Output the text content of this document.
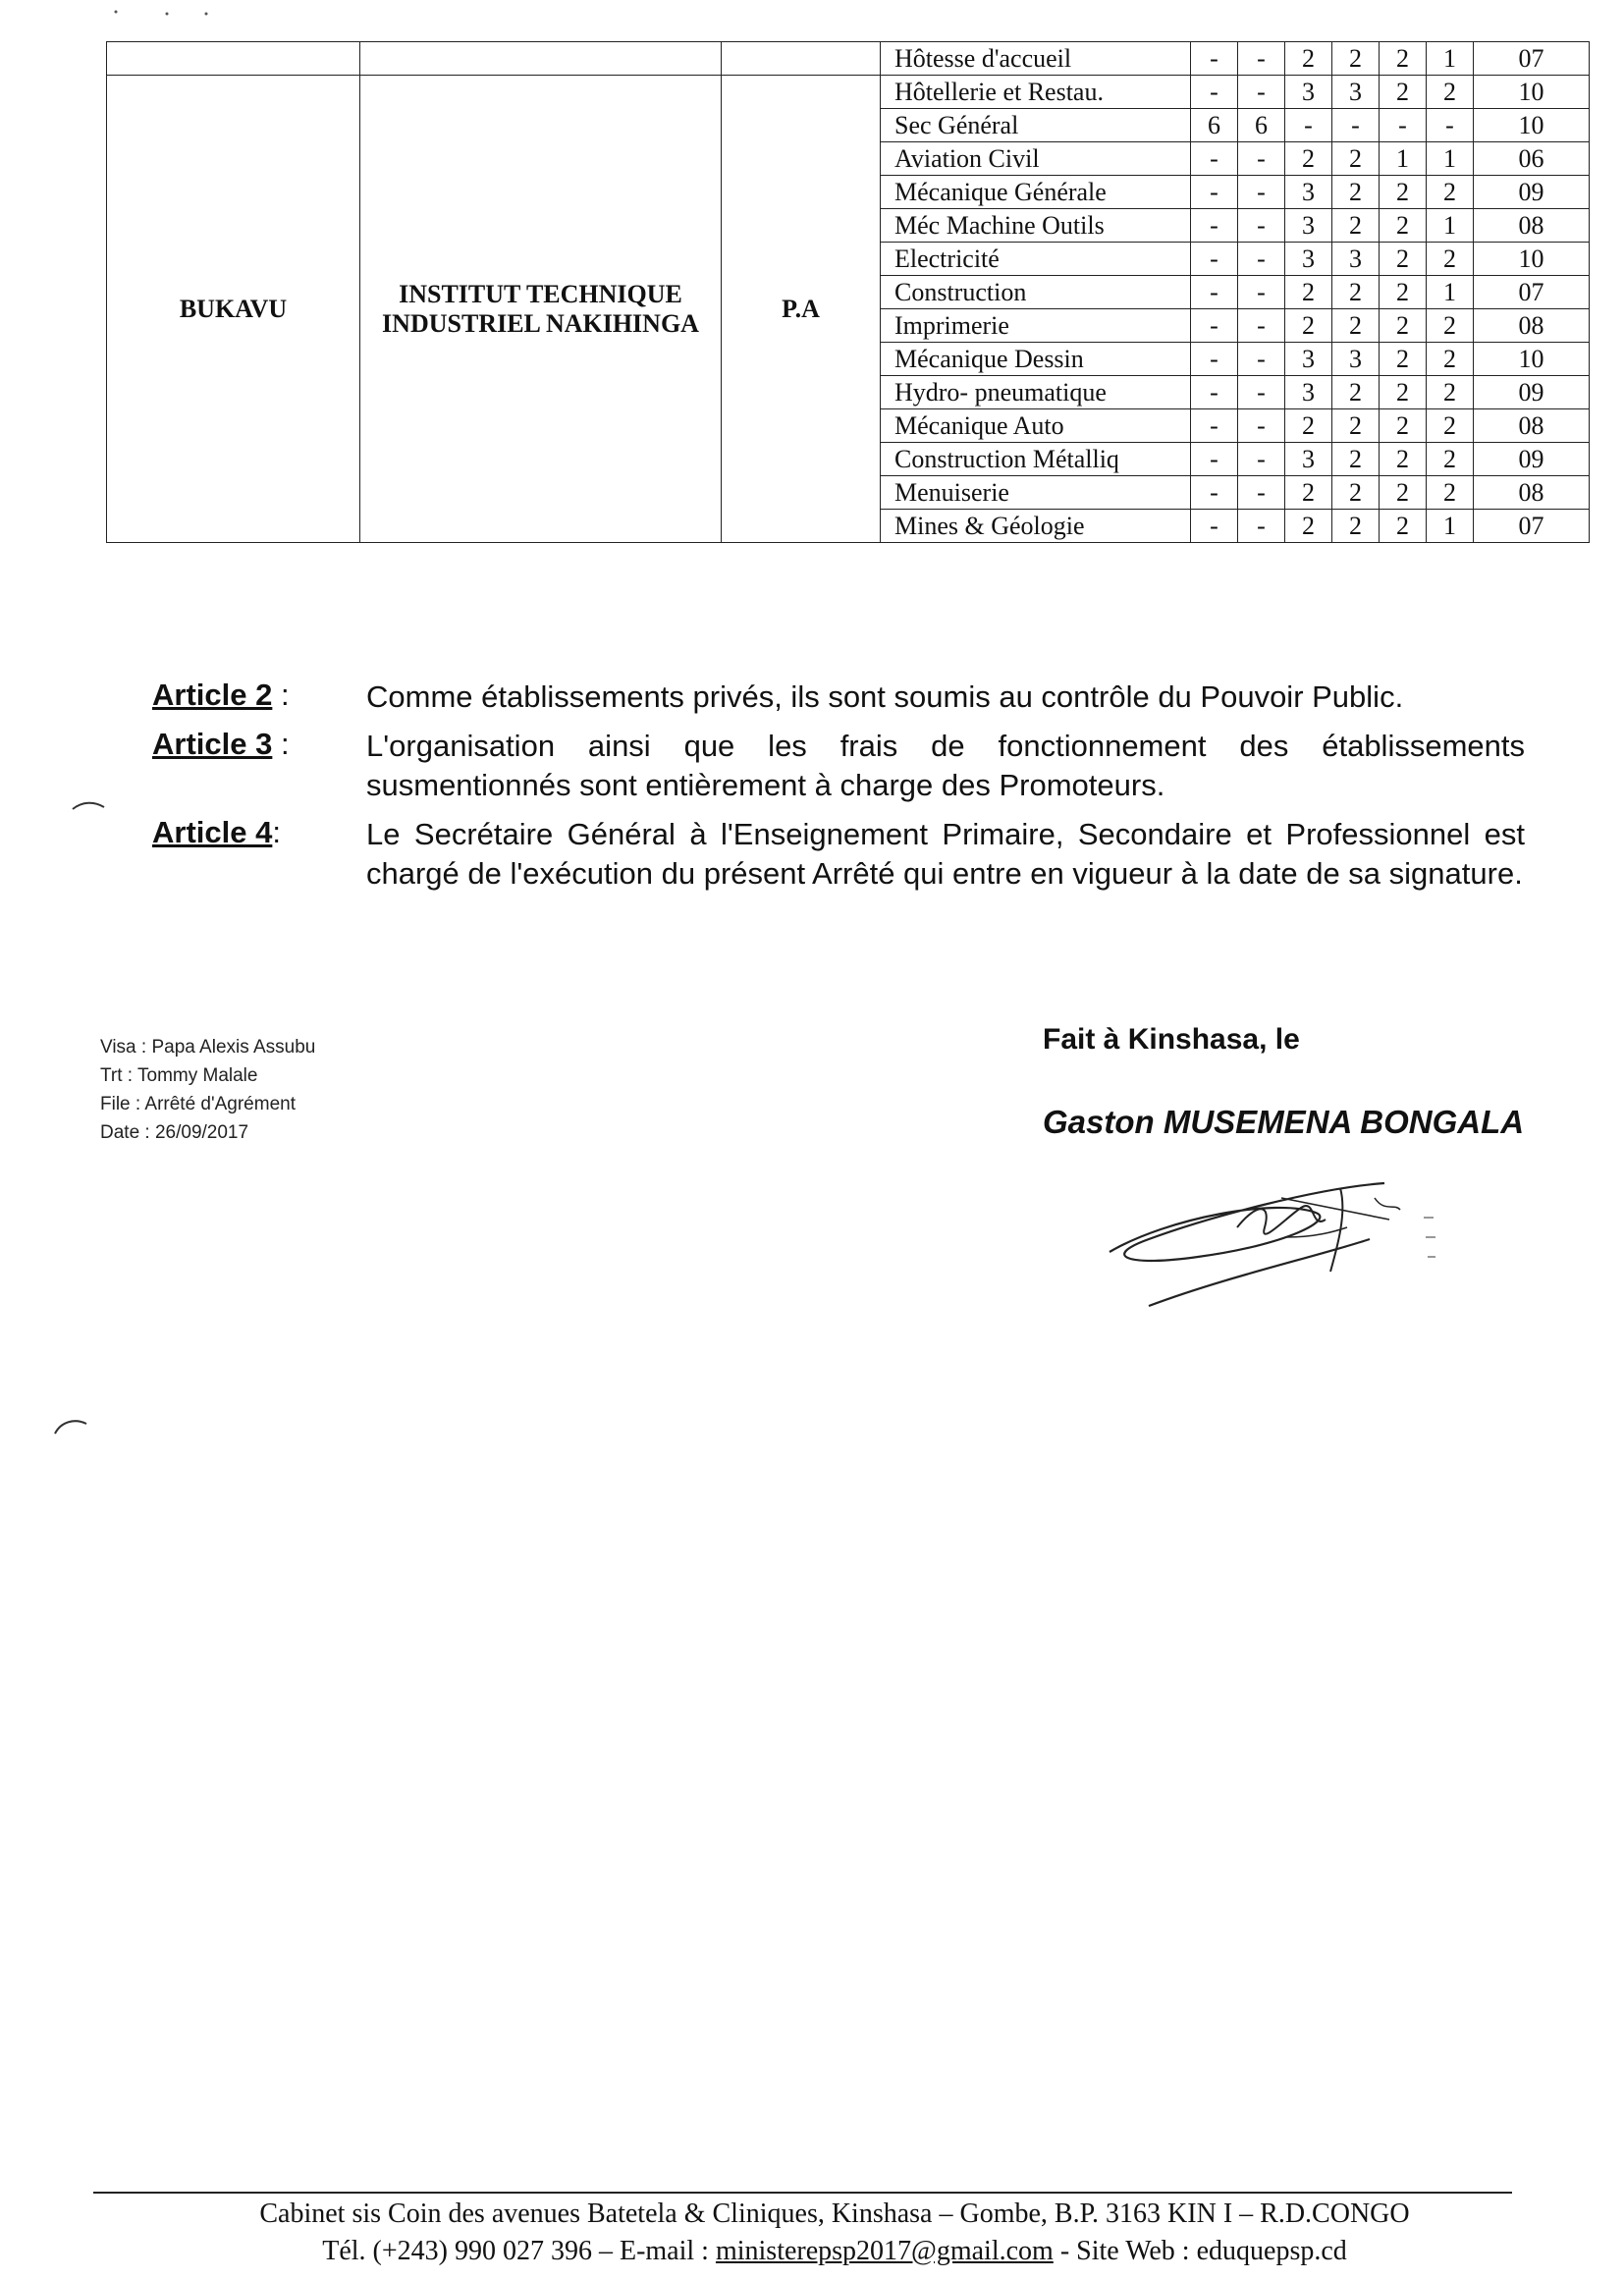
			Hôtesse d'accueil	-	-	2	2	2	1	07
BUKAVU	INSTITUT TECHNIQUE
INDUSTRIEL NAKIHINGA	P.A	Hôtellerie et Restau.	-	-	3	3	2	2	10
			Sec Général	6	6	-	-	-	-	10
			Aviation Civil	-	-	2	2	1	1	06
			Mécanique Générale	-	-	3	2	2	2	09
			Méc Machine Outils	-	-	3	2	2	1	08
			Electricité	-	-	3	3	2	2	10
			Construction	-	-	2	2	2	1	07
			Imprimerie	-	-	2	2	2	2	08
			Mécanique Dessin	-	-	3	3	2	2	10
			Hydro- pneumatique	-	-	3	2	2	2	09
			Mécanique Auto	-	-	2	2	2	2	08
			Construction Métalliq	-	-	3	2	2	2	09
			Menuiserie	-	-	2	2	2	2	08
			Mines & Géologie	-	-	2	2	2	1	07
Article 2 :	Comme établissements privés, ils sont soumis au contrôle du Pouvoir Public.
Article 3 :	L'organisation ainsi que les frais de fonctionnement des établissements susmentionnés sont entièrement à charge des Promoteurs.
Article 4:	Le Secrétaire Général à l'Enseignement Primaire, Secondaire et Professionnel est chargé de l'exécution du présent Arrêté qui entre en vigueur à la date de sa signature.
Visa : Papa Alexis Assubu
Trt : Tommy Malale
File : Arrêté d'Agrément
Date : 26/09/2017
Fait à Kinshasa, le
Gaston MUSEMENA BONGALA
Cabinet sis Coin des avenues Batetela & Cliniques, Kinshasa – Gombe, B.P. 3163 KIN I – R.D.CONGO
Tél. (+243) 990 027 396 – E-mail : ministerepsp2017@gmail.com - Site Web : eduquepsp.cd
